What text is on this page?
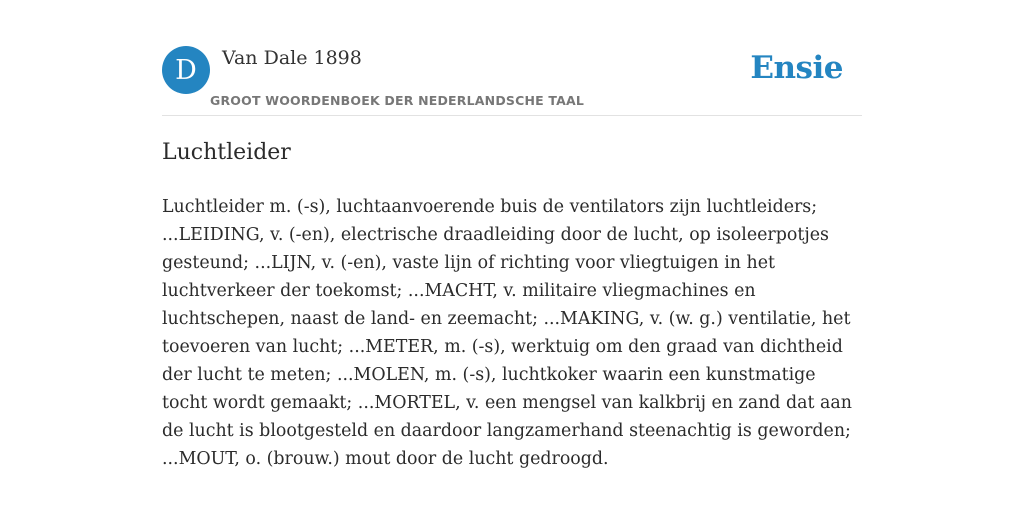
D	Van Dale 1898
GROOT WOORDENBOEK DER NEDERLANDSCHE TAAL
Ensie
Luchtleider

Luchtleider m. (-s), luchtaanvoerende buis de ventilators zijn luchtleiders; ...LEIDING, v. (-en), electrische draadleiding door de lucht, op isoleerpotjes gesteund; ...LIJN, v. (-en), vaste lijn of richting voor vliegtuigen in het luchtverkeer der toekomst; ...MACHT, v. militaire vliegmachines en luchtschepen, naast de land- en zeemacht; ...MAKING, v. (w. g.) ventilatie, het toevoeren van lucht; ...METER, m. (-s), werktuig om den graad van dichtheid der lucht te meten; ...MOLEN, m. (-s), luchtkoker waarin een kunstmatige tocht wordt gemaakt; ...MORTEL, v. een mengsel van kalkbrij en zand dat aan de lucht is blootgesteld en daardoor langzamerhand steenachtig is geworden; ...MOUT, o. (brouw.) mout door de lucht gedroogd.
